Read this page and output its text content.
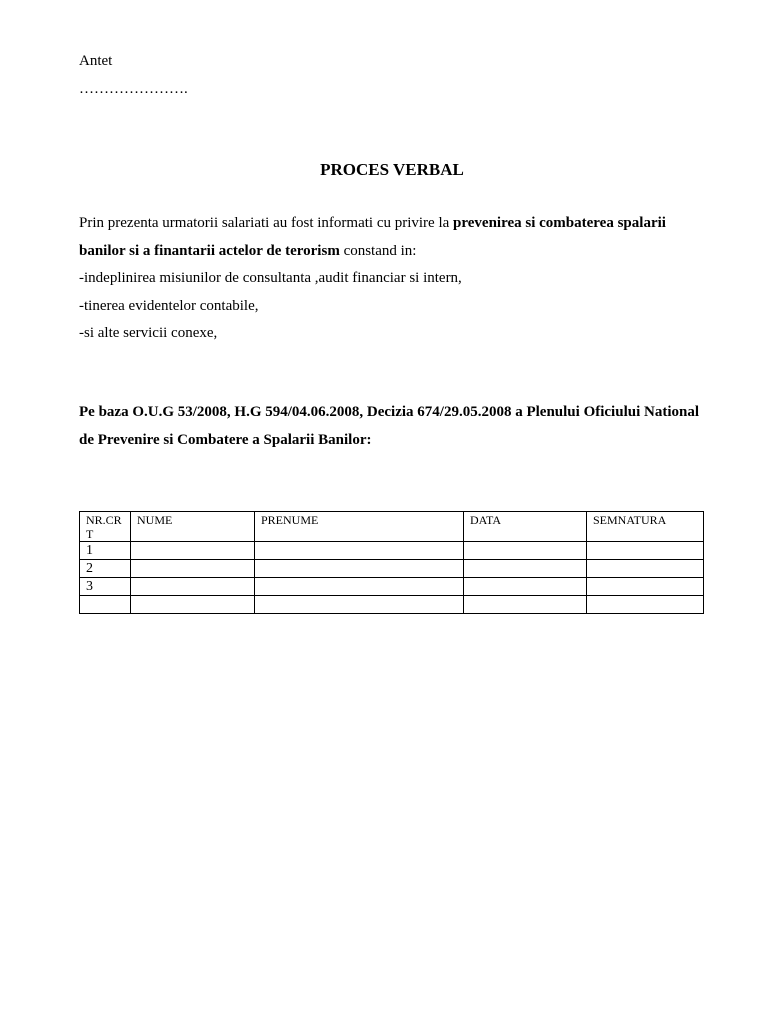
Antet
………………….
PROCES VERBAL

Prin prezenta urmatorii salariati au fost informati cu privire la prevenirea si combaterea spalarii banilor si a finantarii actelor de terorism constand in:

-indeplinirea misiunilor de consultanta ,audit financiar si intern,

-tinerea evidentelor contabile,

-si alte servicii conexe,

Pe baza O.U.G 53/2008, H.G 594/04.06.2008, Decizia 674/29.05.2008 a Plenului Oficiului National de Prevenire si Combatere a Spalarii Banilor:
NR.CRT	NUME	PRENUME	DATA	SEMNATURA
1				
2				
3				
